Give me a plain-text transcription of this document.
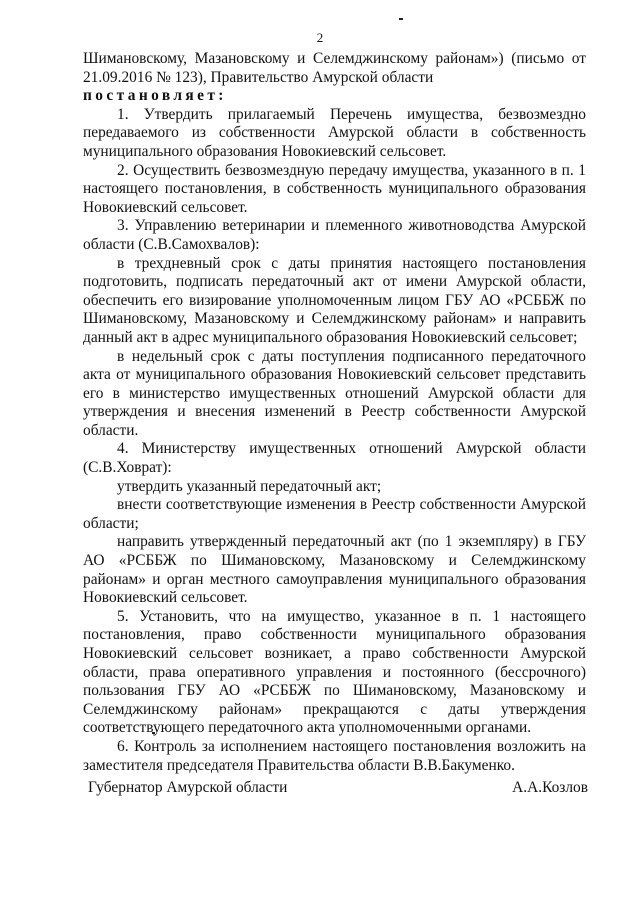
2

Шимановскому, Мазановскому и Селемджинскому районам») (письмо от 21.09.2016 № 123), Правительство Амурской области

постановляет:

1. Утвердить прилагаемый Перечень имущества, безвозмездно передаваемого из собственности Амурской области в собственность муниципального образования Новокиевский сельсовет.

2. Осуществить безвозмездную передачу имущества, указанного в п. 1 настоящего постановления, в собственность муниципального образования Новокиевский сельсовет.

3. Управлению ветеринарии и племенного животноводства Амурской области (С.В.Самохвалов):

в трехдневный срок с даты принятия настоящего постановления подготовить, подписать передаточный акт от имени Амурской области, обеспечить его визирование уполномоченным лицом ГБУ АО «РСББЖ по Шимановскому, Мазановскому и Селемджинскому районам» и направить данный акт в адрес муниципального образования Новокиевский сельсовет;

в недельный срок с даты поступления подписанного передаточного акта от муниципального образования Новокиевский сельсовет представить его в министерство имущественных отношений Амурской области для утверждения и внесения изменений в Реестр собственности Амурской области.

4. Министерству имущественных отношений Амурской области (С.В.Ховрат):

утвердить указанный передаточный акт;

внести соответствующие изменения в Реестр собственности Амурской области;

направить утвержденный передаточный акт (по 1 экземпляру) в ГБУ АО «РСББЖ по Шимановскому, Мазановскому и Селемджинскому районам» и орган местного самоуправления муниципального образования Новокиевский сельсовет.

5. Установить, что на имущество, указанное в п. 1 настоящего постановления, право собственности муниципального образования Новокиевский сельсовет возникает, а право собственности Амурской области, права оперативного управления и постоянного (бессрочного) пользования ГБУ АО «РСББЖ по Шимановскому, Мазановскому и Селемджинскому районам» прекращаются с даты утверждения соответствующего передаточного акта уполномоченными органами.

6. Контроль за исполнением настоящего постановления возложить на заместителя председателя Правительства области В.В.Бакуменко.

Губернатор Амурской области	А.А.Козлов
